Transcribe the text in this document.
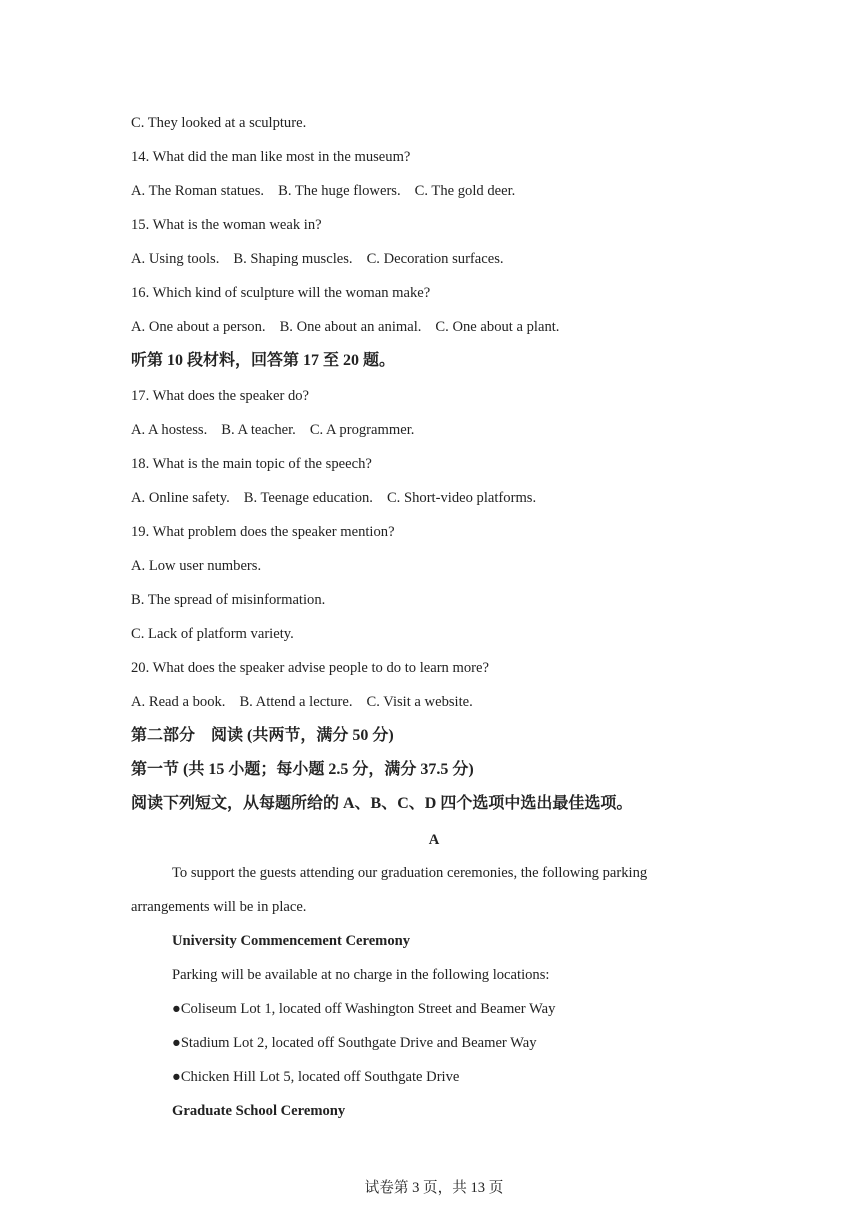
C. They looked at a sculpture.
14. What did the man like most in the museum?
A. The Roman statues. B. The huge flowers. C. The gold deer.
15. What is the woman weak in?
A. Using tools. B. Shaping muscles. C. Decoration surfaces.
16. Which kind of sculpture will the woman make?
A. One about a person. B. One about an animal. C. One about a plant.
听第 10 段材料，回答第 17 至 20 题。
17. What does the speaker do?
A. A hostess. B. A teacher. C. A programmer.
18. What is the main topic of the speech?
A. Online safety. B. Teenage education. C. Short-video platforms.
19. What problem does the speaker mention?
A. Low user numbers.
B. The spread of misinformation.
C. Lack of platform variety.
20. What does the speaker advise people to do to learn more?
A. Read a book. B. Attend a lecture. C. Visit a website.
第二部分　阅读 (共两节，满分 50 分)
第一节 (共 15 小题；每小题 2.5 分，满分 37.5 分)
阅读下列短文，从每题所给的 A、B、C、D 四个选项中选出最佳选项。
A
To support the guests attending our graduation ceremonies, the following parking
arrangements will be in place.
University Commencement Ceremony
Parking will be available at no charge in the following locations:
●Coliseum Lot 1, located off Washington Street and Beamer Way
●Stadium Lot 2, located off Southgate Drive and Beamer Way
●Chicken Hill Lot 5, located off Southgate Drive
Graduate School Ceremony
试卷第 3 页，共 13 页
